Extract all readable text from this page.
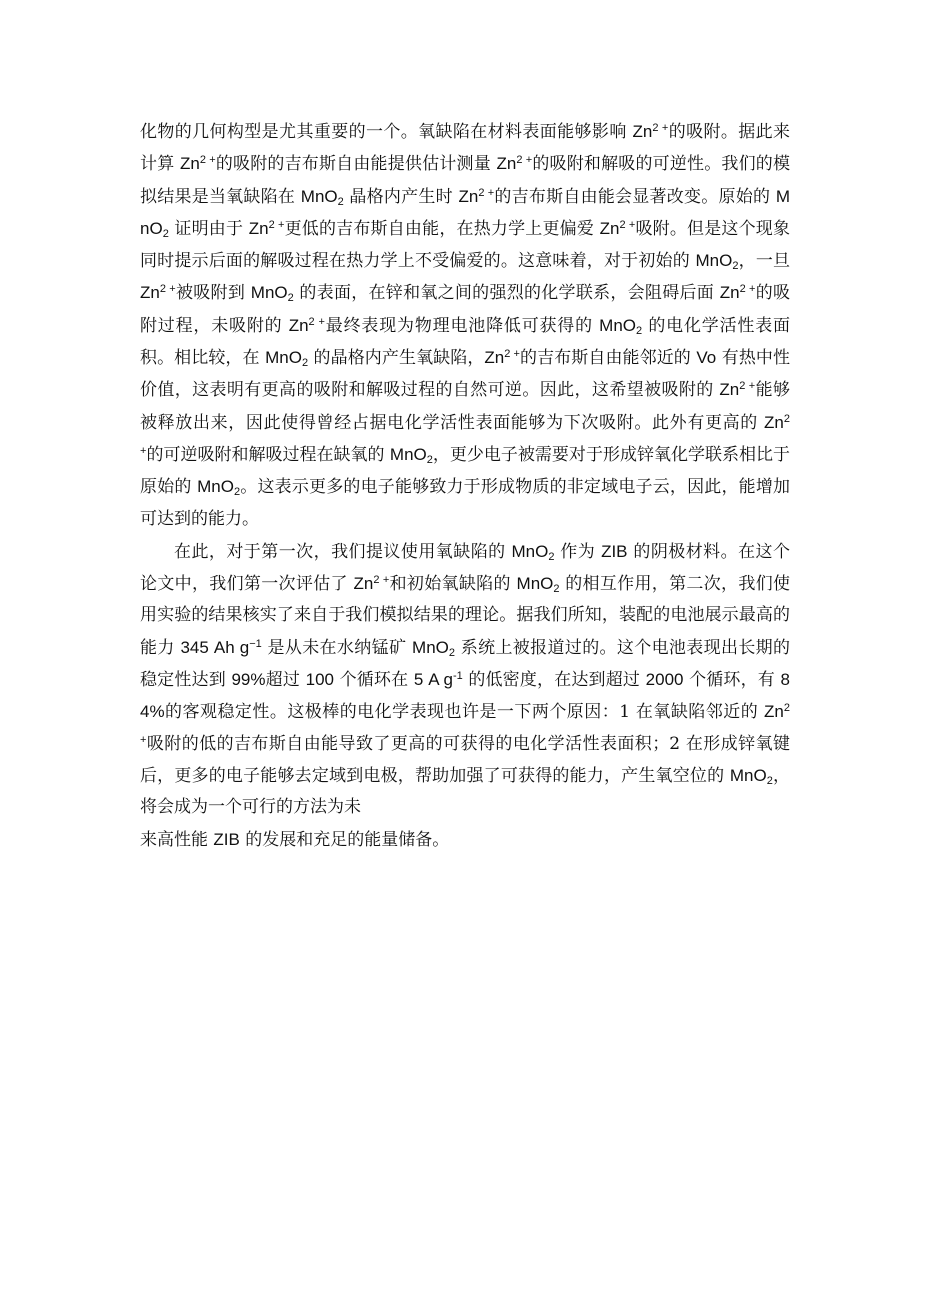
化物的几何构型是尤其重要的一个。氧缺陷在材料表面能够影响 $Zn^{2 +}$的吸附。据此来计算 $Zn^{2 +}$的吸附的吉布斯自由能提供估计测量 $Zn^{2 +}$的吸附和解吸的可逆性。我们的模拟结果是当氧缺陷在 MnO$_2$ 晶格内产生时 $Zn^{2 +}$的吉布斯自由能会显著改变。原始的 MnO$_2$ 证明由于 $Zn^{2 +}$更低的吉布斯自由能，在热力学上更偏爱 $Zn^{2 +}$吸附。但是这个现象同时提示后面的解吸过程在热力学上不受偏爱的。这意味着，对于初始的 MnO$_2$，一旦 $Zn^{2 +}$被吸附到 MnO$_2$ 的表面，在锌和氧之间的强烈的化学联系，会阻碍后面 $Zn^{2 +}$的吸附过程，未吸附的 $Zn^{2 +}$最终表现为物理电池降低可获得的 MnO$_2$ 的电化学活性表面积。相比较，在 MnO$_2$ 的晶格内产生氧缺陷，$Zn^{2 +}$的吉布斯自由能邻近的 Vo 有热中性价值，这表明有更高的吸附和解吸过程的自然可逆。因此，这希望被吸附的 $Zn^{2 +}$能够被释放出来，因此使得曾经占据电化学活性表面能够为下次吸附。此外有更高的 $Zn^{2 +}$的可逆吸附和解吸过程在缺氧的 MnO$_2$，更少电子被需要对于形成锌氧化学联系相比于原始的 MnO$_2$。这表示更多的电子能够致力于形成物质的非定域电子云，因此，能增加可达到的能力。

在此，对于第一次，我们提议使用氧缺陷的 MnO$_2$ 作为 ZIB 的阴极材料。在这个论文中，我们第一次评估了 $Zn^{2 +}$和初始氧缺陷的 MnO$_2$ 的相互作用，第二次，我们使用实验的结果核实了来自于我们模拟结果的理论。据我们所知，装配的电池展示最高的能力 345 Ah $g^{-1}$ 是从未在水纳锰矿 MnO$_2$ 系统上被报道过的。这个电池表现出长期的稳定性达到 99%超过 100 个循环在 5 A $g^{-1}$ 的低密度，在达到超过 2000 个循环，有 84%的客观稳定性。这极棒的电化学表现也许是一下两个原因：1 在氧缺陷邻近的 $Zn^{2 +}$吸附的低的吉布斯自由能导致了更高的可获得的电化学活性表面积；2 在形成锌氧键后，更多的电子能够去定域到电极，帮助加强了可获得的能力，产生氧空位的 MnO$_2$，将会成为一个可行的方法为未
来高性能 ZIB 的发展和充足的能量储备。
